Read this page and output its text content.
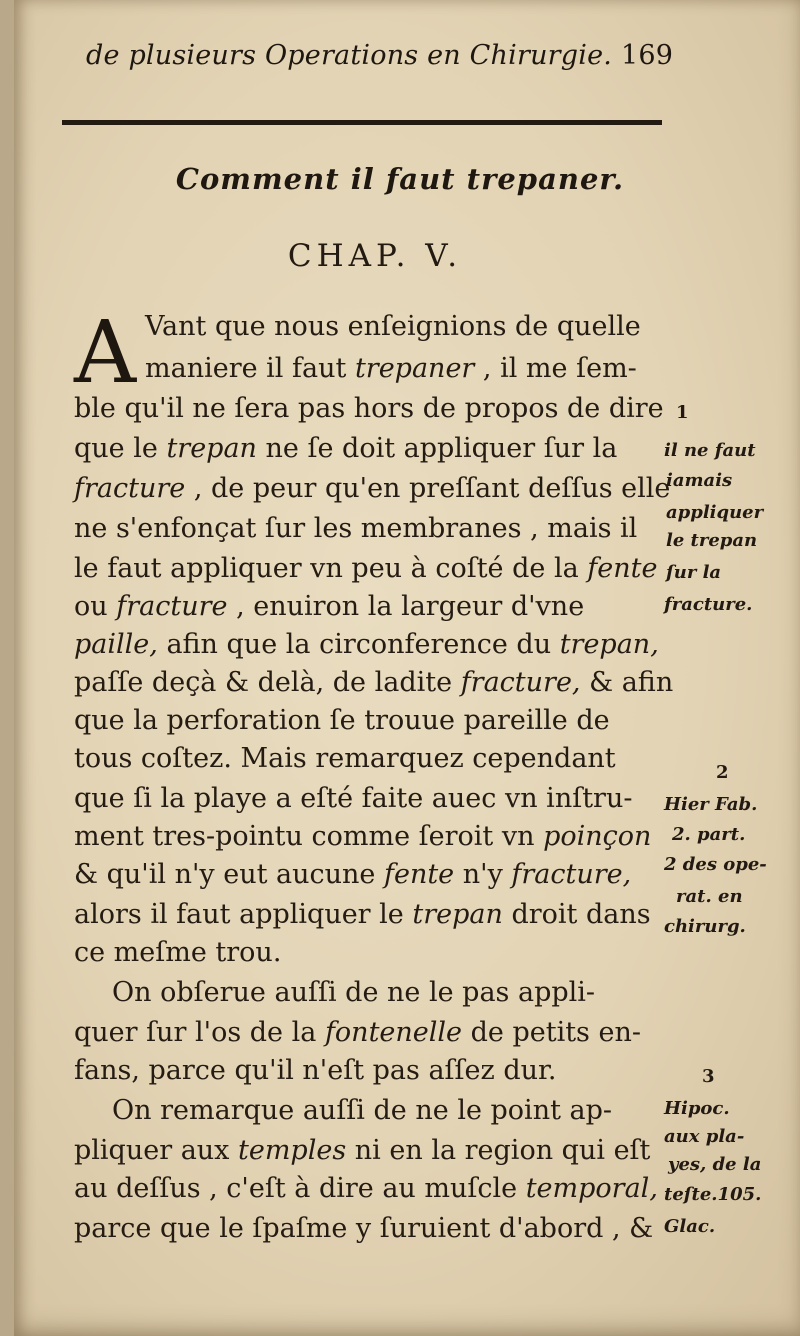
de plusieurs Operations en Chirurgie. 169
Comment il faut trepaner.
CHAP. V.
A Vant que nous enſeignions de quelle
maniere il faut trepaner , il me ſem-
ble qu'il ne ſera pas hors de propos de dire
que le trepan ne ſe doit appliquer ſur la
fracture , de peur qu'en preſſant deſſus elle
ne s'enfonçat ſur les membranes , mais il
le faut appliquer vn peu à coſté de la fente
ou fracture , enuiron la largeur d'vne
paille, afin que la circonference du trepan,
paſſe deçà & delà, de ladite fracture, & afin
que la perforation ſe trouue pareille de
tous coſtez. Mais remarquez cependant
que ſi la playe a eſté faite auec vn inſtru-
ment tres-pointu comme ſeroit vn poinçon
& qu'il n'y eut aucune fente n'y fracture,
alors il faut appliquer le trepan droit dans
ce meſme trou.
On obſerue auſſi de ne le pas appli-
quer ſur l'os de la fontenelle de petits en-
fans, parce qu'il n'eſt pas aſſez dur.
On remarque auſſi de ne le point ap-
pliquer aux temples ni en la region qui eſt
au deſſus , c'eſt à dire au muſcle temporal,
parce que le ſpaſme y ſuruient d'abord , &
1
il ne faut
iamais
appliquer
le trepan
ſur la
fracture.
2
Hier Fab.
2. part.
2 des ope-
rat. en
chirurg.
3
Hipoc.
aux pla-
yes, de la
teſte.105.
Glac.
